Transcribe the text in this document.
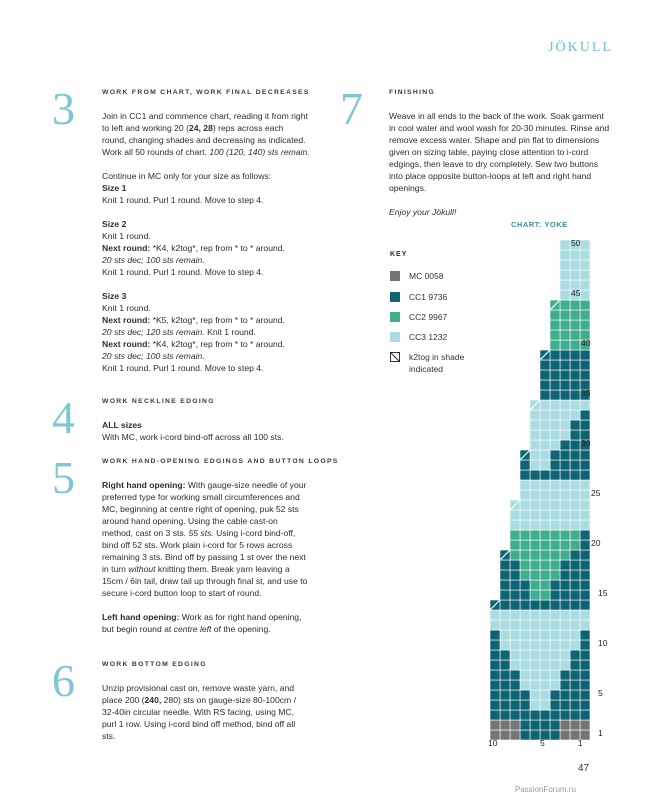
JÖKULL
3	WORK FROM CHART, WORK FINAL DECREASES

Join in CC1 and commence chart, reading it from right to left and working 20 (24, 28) reps across each round, changing shades and decreasing as indicated. Work all 50 rounds of chart. 100 (120, 140) sts remain.

Continue in MC only for your size as follows:

Size 1

Knit 1 round. Purl 1 round. Move to step 4.

Size 2

Knit 1 round.

Next round: *K4, k2tog*, rep from * to * around.

20 sts dec; 100 sts remain.

Knit 1 round. Purl 1 round. Move to step 4.

Size 3

Knit 1 round.

Next round: *K5, k2tog*, rep from * to * around.

20 sts dec; 120 sts remain. Knit 1 round.

Next round: *K4, k2tog*, rep from * to * around.

20 sts dec; 100 sts remain.

Knit 1 round. Purl 1 round. Move to step 4.

4	WORK NECKLINE EDGING

ALL sizes

With MC, work i-cord bind-off across all 100 sts.

5	WORK HAND-OPENING EDGINGS AND BUTTON LOOPS

Right hand opening: With gauge-size needle of your preferred type for working small circumferences and MC, beginning at centre right of opening, puk 52 sts around hand opening. Using the cable cast-on method, cast on 3 sts. 55 sts. Using i-cord bind-off, bind off 52 sts. Work plain i-cord for 5 rows across remaining 3 sts. Bind off by passing 1 st over the next in turn without knitting them. Break yarn leaving a 15cm / 6in tail, draw tail up through final st, and use to secure i-cord button loop to start of round.

Left hand opening: Work as for right hand opening, but begin round at centre left of the opening.

6	WORK BOTTOM EDGING

Unzip provisional cast on, remove waste yarn, and place 200 (240, 280) sts on gauge-size 80-100cm / 32-40in circular needle. With RS facing, using MC, purl 1 row. Using i-cord bind off method, bind off all sts.

7	FINISHING

Weave in all ends to the back of the work. Soak garment in cool water and wool wash for 20-30 minutes. Rinse and remove excess water. Shape and pin flat to dimensions given on sizing table, paying close attention to i-cord edgings, then leave to dry completely. Sew two buttons into place opposite button-loops at left and right hand openings.

Enjoy your Jökull!

KEY
MC 0058
CC1 9736
CC2 9967
CC3 1232
k2tog in shade indicated
CHART: YOKE
50
45
40
35
30
25
20
15
10
5
1
10	5	1
47
PassionForum.ru
